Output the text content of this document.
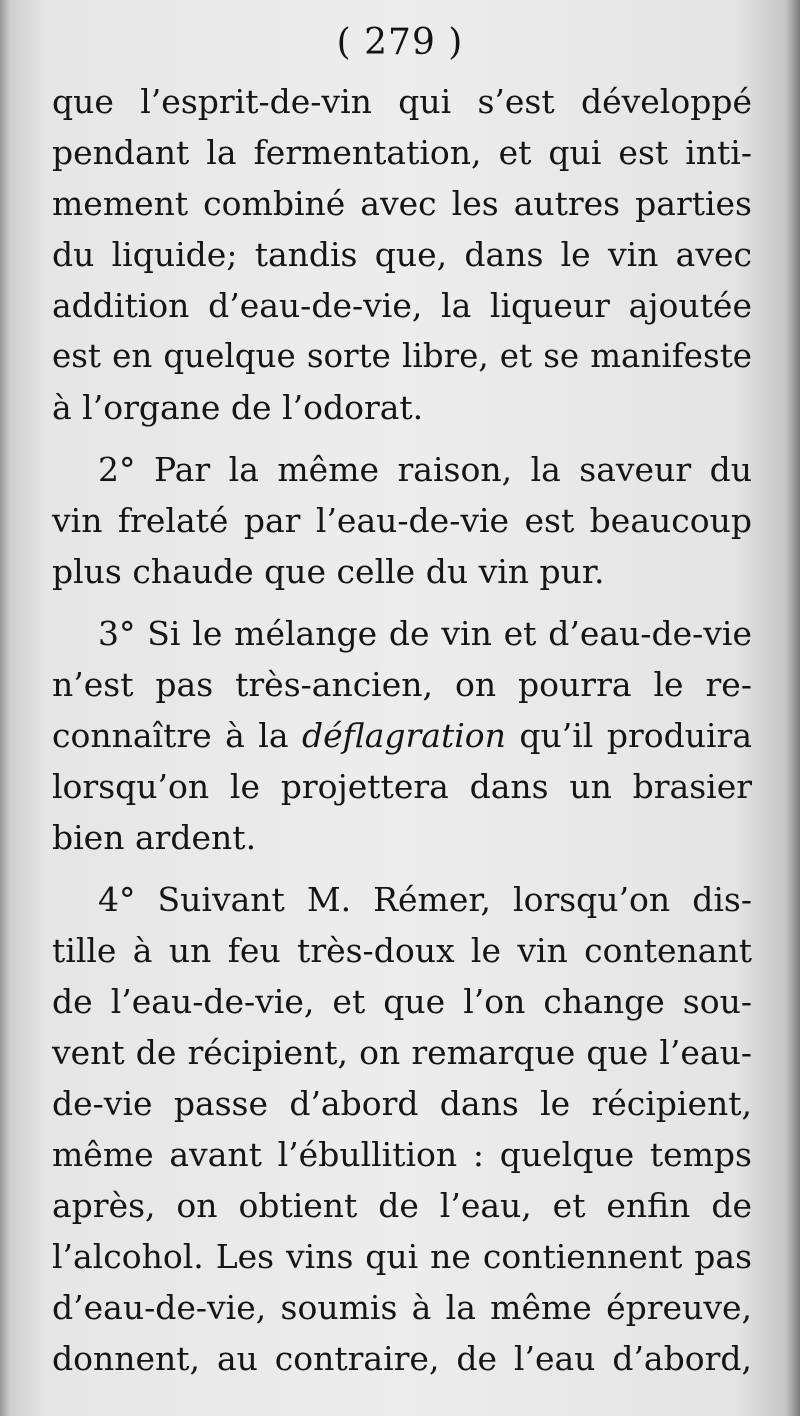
( 279 )
que l’esprit-de-vin qui s’est développé
pendant la fermentation, et qui est inti-
mement combiné avec les autres parties
du liquide; tandis que, dans le vin avec
addition d’eau-de-vie, la liqueur ajoutée
est en quelque sorte libre, et se manifeste
à l’organe de l’odorat.
2° Par la même raison, la saveur du
vin frelaté par l’eau-de-vie est beaucoup
plus chaude que celle du vin pur.
3° Si le mélange de vin et d’eau-de-vie
n’est pas très-ancien, on pourra le re-
connaître à la déflagration qu’il produira
lorsqu’on le projettera dans un brasier
bien ardent.
4° Suivant M. Rémer, lorsqu’on dis-
tille à un feu très-doux le vin contenant
de l’eau-de-vie, et que l’on change sou-
vent de récipient, on remarque que l’eau-
de-vie passe d’abord dans le récipient,
même avant l’ébullition : quelque temps
après, on obtient de l’eau, et enfin de
l’alcohol. Les vins qui ne contiennent pas
d’eau-de-vie, soumis à la même épreuve,
donnent, au contraire, de l’eau d’abord,
